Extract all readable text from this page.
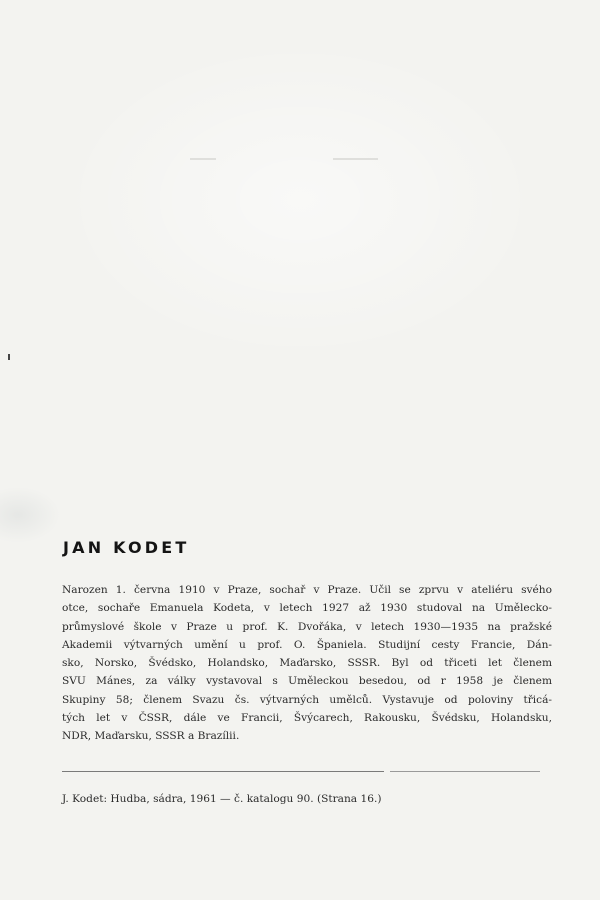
JAN KODET
Narozen 1. června 1910 v Praze, sochař v Praze. Učil se zprvu v ateliéru svého
otce, sochaře Emanuela Kodeta, v letech 1927 až 1930 studoval na Umělecko-
průmyslové škole v Praze u prof. K. Dvořáka, v letech 1930—1935 na pražské
Akademii výtvarných umění u prof. O. Španiela. Studijní cesty Francie, Dán-
sko, Norsko, Švédsko, Holandsko, Maďarsko, SSSR. Byl od třiceti let členem
SVU Mánes, za války vystavoval s Uměleckou besedou, od r 1958 je členem
Skupiny 58; členem Svazu čs. výtvarných umělců. Vystavuje od poloviny třicá-
tých let v ČSSR, dále ve Francii, Švýcarech, Rakousku, Švédsku, Holandsku,
NDR, Maďarsku, SSSR a Brazílii.

J. Kodet: Hudba, sádra, 1961 — č. katalogu 90. (Strana 16.)
